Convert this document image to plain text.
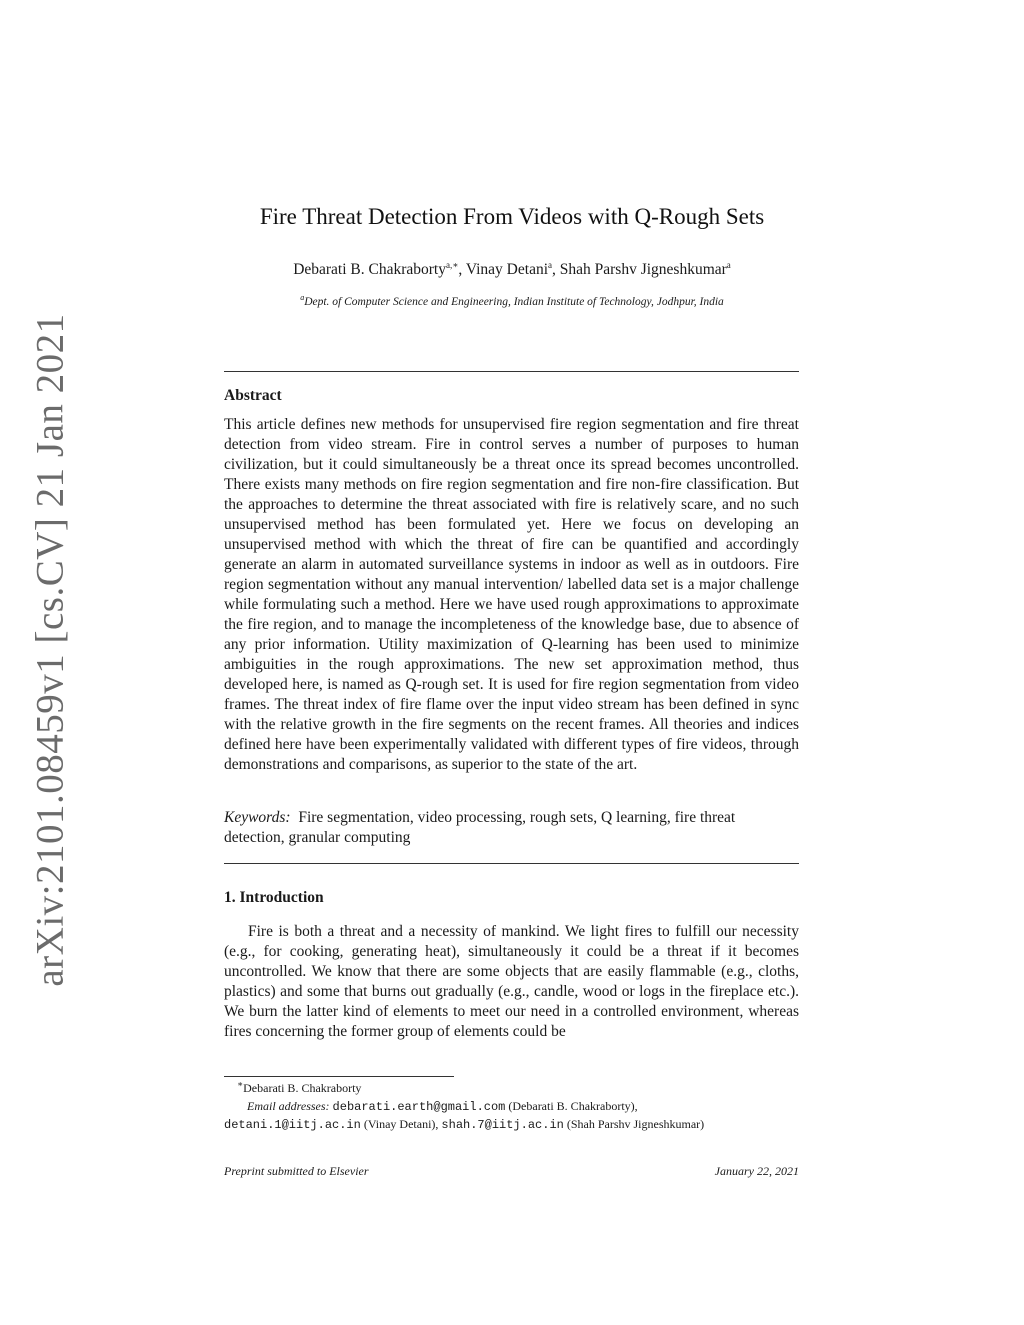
arXiv:2101.08459v1 [cs.CV] 21 Jan 2021
Fire Threat Detection From Videos with Q-Rough Sets
Debarati B. Chakraborty$^{a,∗}$, Vinay Detani$^a$, Shah Parshv Jigneshkumar$^a$
$^a$Dept. of Computer Science and Engineering, Indian Institute of Technology, Jodhpur, India
Abstract
This article defines new methods for unsupervised fire region segmentation and fire threat detection from video stream. Fire in control serves a number of purposes to human civilization, but it could simultaneously be a threat once its spread becomes uncontrolled. There exists many methods on fire region segmentation and fire non-fire classification. But the approaches to determine the threat associated with fire is relatively scare, and no such unsupervised method has been formulated yet. Here we focus on developing an unsupervised method with which the threat of fire can be quantified and accordingly generate an alarm in automated surveillance systems in indoor as well as in outdoors. Fire region segmentation without any manual intervention/ labelled data set is a major challenge while formulating such a method. Here we have used rough approximations to approximate the fire region, and to manage the incompleteness of the knowledge base, due to absence of any prior information. Utility maximization of Q-learning has been used to minimize ambiguities in the rough approximations. The new set approximation method, thus developed here, is named as Q-rough set. It is used for fire region segmentation from video frames. The threat index of fire flame over the input video stream has been defined in sync with the relative growth in the fire segments on the recent frames. All theories and indices defined here have been experimentally validated with different types of fire videos, through demonstrations and comparisons, as superior to the state of the art.
Keywords: Fire segmentation, video processing, rough sets, Q learning, fire threat detection, granular computing
1. Introduction
Fire is both a threat and a necessity of mankind. We light fires to fulfill our necessity (e.g., for cooking, generating heat), simultaneously it could be a threat if it becomes uncontrolled. We know that there are some objects that are easily flammable (e.g., cloths, plastics) and some that burns out gradually (e.g., candle, wood or logs in the fireplace etc.). We burn the latter kind of elements to meet our need in a controlled environment, whereas fires concerning the former group of elements could be
∗Debarati B. Chakraborty
Email addresses: debarati.earth@gmail.com (Debarati B. Chakraborty),
detani.1@iitj.ac.in (Vinay Detani), shah.7@iitj.ac.in (Shah Parshv Jigneshkumar)
Preprint submitted to Elsevier	January 22, 2021
